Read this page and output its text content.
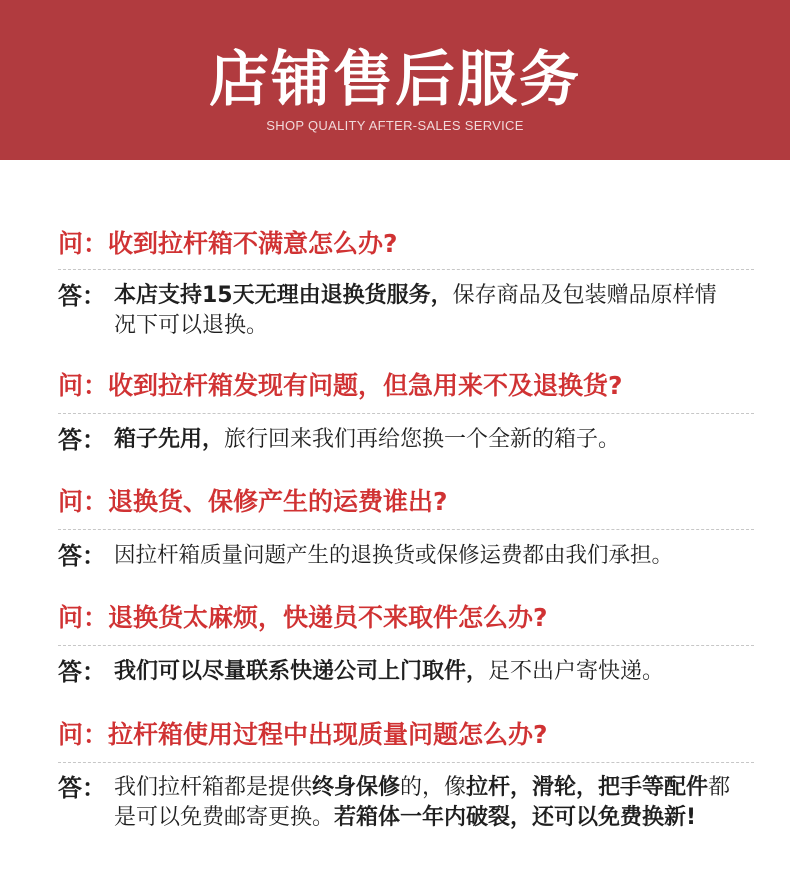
店铺售后服务
SHOP QUALITY AFTER-SALES SERVICE
问：收到拉杆箱不满意怎么办?
答： 本店支持15天无理由退换货服务，保存商品及包装赠品原样情况下可以退换。
问：收到拉杆箱发现有问题，但急用来不及退换货?
答： 箱子先用，旅行回来我们再给您换一个全新的箱子。
问：退换货、保修产生的运费谁出?
答： 因拉杆箱质量问题产生的退换货或保修运费都由我们承担。
问：退换货太麻烦，快递员不来取件怎么办?
答： 我们可以尽量联系快递公司上门取件，足不出户寄快递。
问：拉杆箱使用过程中出现质量问题怎么办?
答： 我们拉杆箱都是提供终身保修的，像拉杆，滑轮，把手等配件都是可以免费邮寄更换。若箱体一年内破裂，还可以免费换新!
